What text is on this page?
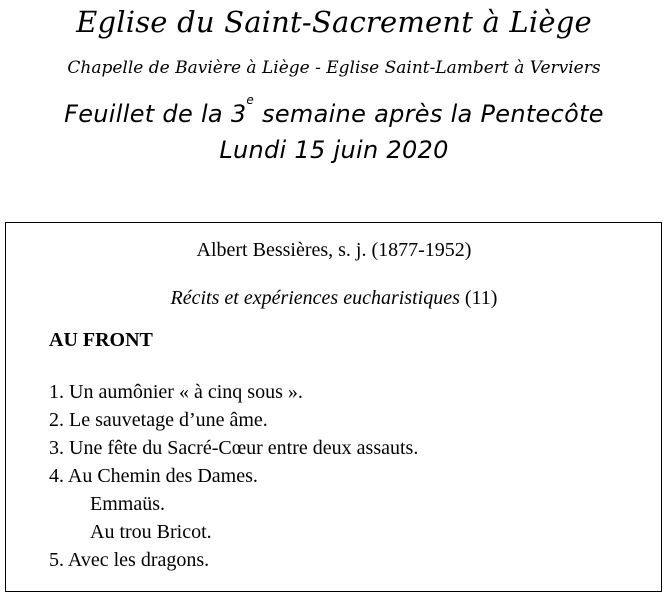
Eglise du Saint-Sacrement à Liège
Chapelle de Bavière à Liège - Eglise Saint-Lambert à Verviers
Feuillet de la 3e semaine après la Pentecôte
Lundi 15 juin 2020
Albert Bessières, s. j. (1877-1952)
Récits et expériences eucharistiques (11)
AU FRONT
1. Un aumônier « à cinq sous ».
2. Le sauvetage d’une âme.
3. Une fête du Sacré-Cœur entre deux assauts.
4. Au Chemin des Dames.
Emmaüs.
Au trou Bricot.
5. Avec les dragons.
